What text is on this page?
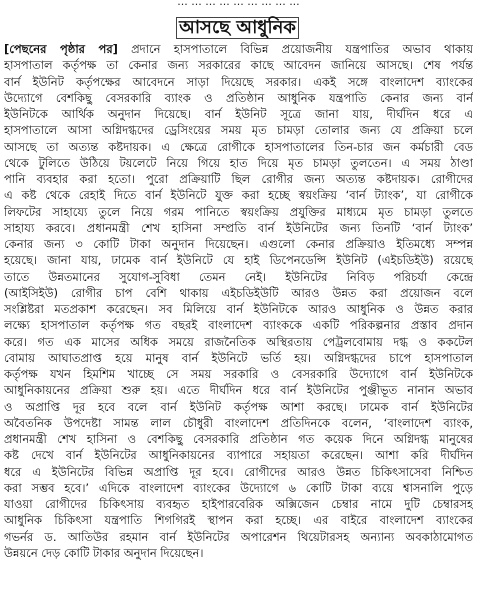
... ... ... ... ... ... ... ... ...
আসছে আধুনিক
[পেছনের পৃষ্ঠার পর] প্রদানে হাসপাতালে বিভিন্ন প্রয়োজনীয় যন্ত্রপাতির অভাব থাকায়
হাসপাতাল কর্তৃপক্ষ তা কেনার জন্য সরকারের কাছে আবেদন জানিয়ে আসছে। শেষ পর্যন্ত
বার্ন ইউনিট কর্তৃপক্ষের আবেদনে সাড়া দিয়েছে সরকার। একই সঙ্গে বাংলাদেশ ব্যাংকের
উদ্যোগে বেশকিছু বেসরকারি ব্যাংক ও প্রতিষ্ঠান আধুনিক যন্ত্রপাতি কেনার জন্য বার্ন
ইউনিটকে আর্থিক অনুদান দিয়েছে। বার্ন ইউনিট সূত্রে জানা যায়, দীর্ঘদিন ধরে এ
হাসপাতালে আসা অগ্নিদগ্ধদের ড্রেসিংয়ের সময় মৃত চামড়া তোলার জন্য যে প্রক্রিয়া চলে
আসছে তা অত্যন্ত কষ্টদায়ক। এ ক্ষেত্রে রোগীকে হাসপাতালের তিন-চার জন কর্মচারী বেড
থেকে টুলিতে উঠিয়ে টয়লেটে নিয়ে গিয়ে হাত দিয়ে মৃত চামড়া তুলতেন। এ সময় ঠাণ্ডা
পানি ব্যবহার করা হতো। পুরো প্রক্রিয়াটি ছিল রোগীর জন্য অত্যন্ত কষ্টদায়ক। রোগীদের
এ কষ্ট থেকে রেহাই দিতে বার্ন ইউনিটে যুক্ত করা হচ্ছে স্বয়ংক্রিয় ‘বার্ন ট্যাংক’, যা রোগীকে
লিফটের সাহায্যে তুলে নিয়ে গরম পানিতে স্বয়ংক্রিয় প্রযুক্তির মাধ্যমে মৃত চামড়া তুলতে
সাহায্য করবে। প্রধানমন্ত্রী শেখ হাসিনা সম্প্রতি বার্ন ইউনিটের জন্য তিনটি ‘বার্ন ট্যাংক’
কেনার জন্য ৩ কোটি টাকা অনুদান দিয়েছেন। এগুলো কেনার প্রক্রিয়াও ইতিমধ্যে সম্পন্ন
হয়েছে। জানা যায়, ঢামেক বার্ন ইউনিটে যে হাই ডিপেনডেন্সি ইউনিট (এইচডিইউ) রয়েছে
তাতে উন্নতমানের সুযোগ-সুবিধা তেমন নেই। ইউনিটের নিবিড় পরিচর্যা কেন্দ্রে
(আইসিইউ) রোগীর চাপ বেশি থাকায় এইচডিইউটি আরও উন্নত করা প্রয়োজন বলে
সংশ্লিষ্টরা মতপ্রকাশ করেছেন। সব মিলিয়ে বার্ন ইউনিটকে আরও আধুনিক ও উন্নত করার
লক্ষ্যে হাসপাতাল কর্তৃপক্ষ গত বছরই বাংলাদেশ ব্যাংককে একটি পরিকল্পনার প্রস্তাব প্রদান
করে। গত এক মাসের অধিক সময়ে রাজনৈতিক অস্থিরতায় পেট্রলবোমায় দগ্ধ ও ককটেল
বোমায় আঘাতপ্রাপ্ত হয়ে মানুষ বার্ন ইউনিটে ভর্তি হয়। অগ্নিদগ্ধদের চাপে হাসপাতাল
কর্তৃপক্ষ যখন হিমশিম খাচ্ছে সে সময় সরকারি ও বেসরকারি উদ্যোগে বার্ন ইউনিটকে
আধুনিকায়নের প্রক্রিয়া শুরু হয়। এতে দীর্ঘদিন ধরে বার্ন ইউনিটের পুঞ্জীভূত নানান অভাব
ও অপ্রাপ্তি দূর হবে বলে বার্ন ইউনিট কর্তৃপক্ষ আশা করছে। ঢামেক বার্ন ইউনিটের
অবৈতনিক উপদেষ্টা সামন্ত লাল চৌধুরী বাংলাদেশ প্রতিদিনকে বলেন, ‘বাংলাদেশ ব্যাংক,
প্রধানমন্ত্রী শেখ হাসিনা ও বেশকিছু বেসরকারি প্রতিষ্ঠান গত কয়েক দিনে অগ্নিদগ্ধ মানুষের
কষ্ট দেখে বার্ন ইউনিটের আধুনিকায়নের ব্যাপারে সহায়তা করেছেন। আশা করি দীর্ঘদিন
ধরে এ ইউনিটের বিভিন্ন অপ্রাপ্তি দূর হবে। রোগীদের আরও উন্নত চিকিৎসাসেবা নিশ্চিত
করা সম্ভব হবে।’ এদিকে বাংলাদেশ ব্যাংকের উদ্যোগে ৬ কোটি টাকা ব্যয়ে শ্বাসনালি পুড়ে
যাওয়া রোগীদের চিকিৎসায় ব্যবহৃত হাইপারবেরিক অক্সিজেন চেম্বার নামে দুটি চেম্বারসহ
আধুনিক চিকিৎসা যন্ত্রপাতি শিগগিরই স্থাপন করা হচ্ছে। এর বাইরে বাংলাদেশ ব্যাংকের
গভর্নর ড. আতিউর রহমান বার্ন ইউনিটের অপারেশন থিয়েটারসহ অন্যান্য অবকাঠামোগত
উন্নয়নে দেড় কোটি টাকার অনুদান দিয়েছেন।
